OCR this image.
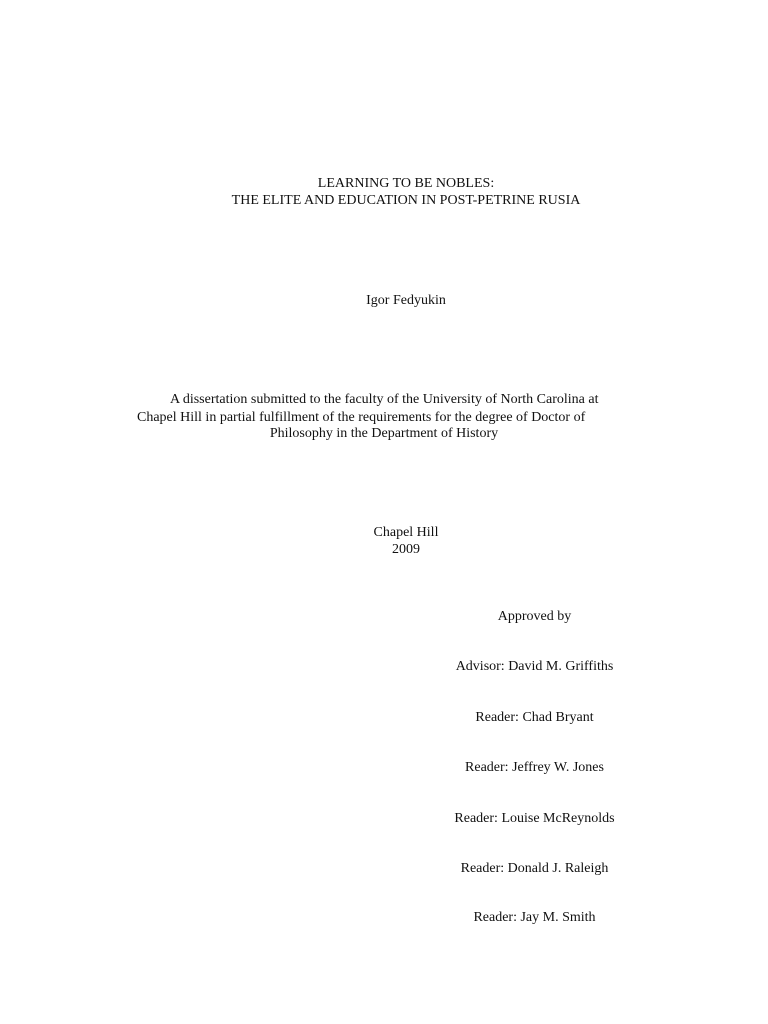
LEARNING TO BE NOBLES:
THE ELITE AND EDUCATION IN POST-PETRINE RUSIA
Igor Fedyukin
A dissertation submitted to the faculty of the University of North Carolina at
Chapel Hill in partial fulfillment of the requirements for the degree of Doctor of
Philosophy in the Department of History
Chapel Hill
2009
Approved by
Advisor: David M. Griffiths
Reader: Chad Bryant
Reader: Jeffrey W. Jones
Reader: Louise McReynolds
Reader: Donald J. Raleigh
Reader: Jay M. Smith
